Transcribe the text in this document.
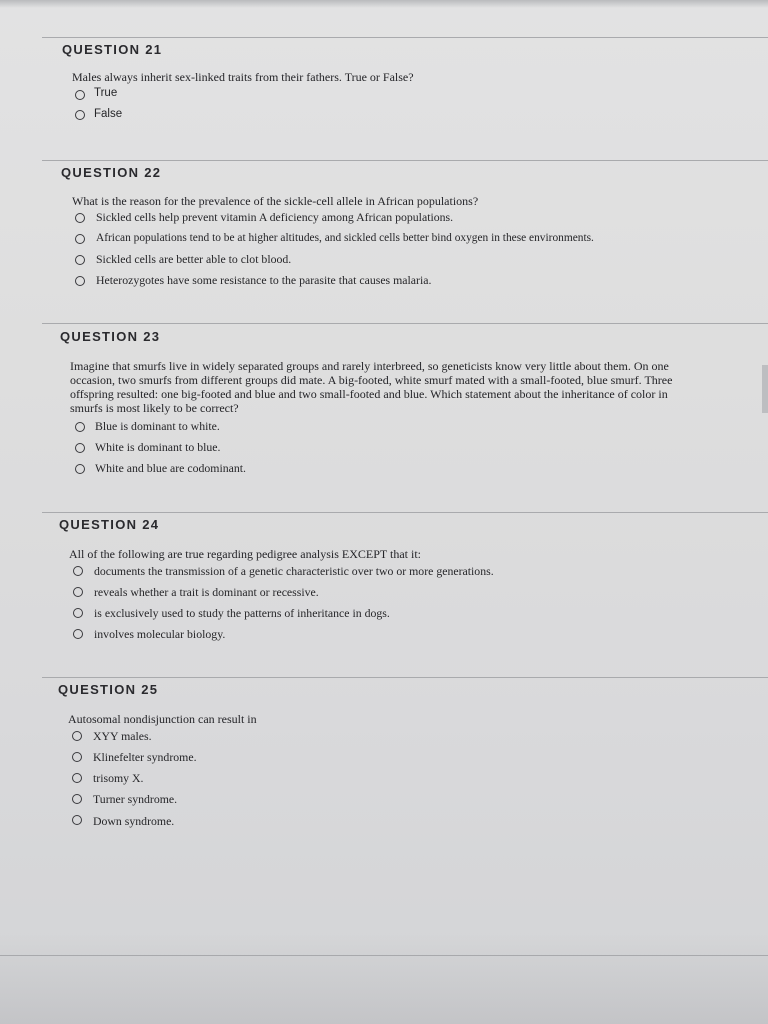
QUESTION 21
Males always inherit sex-linked traits from their fathers. True or False?
True
False
QUESTION 22
What is the reason for the prevalence of the sickle-cell allele in African populations?
Sickled cells help prevent vitamin A deficiency among African populations.
African populations tend to be at higher altitudes, and sickled cells better bind oxygen in these environments.
Sickled cells are better able to clot blood.
Heterozygotes have some resistance to the parasite that causes malaria.
QUESTION 23
Imagine that smurfs live in widely separated groups and rarely interbreed, so geneticists know very little about them. On one
occasion, two smurfs from different groups did mate. A big-footed, white smurf mated with a small-footed, blue smurf. Three
offspring resulted: one big-footed and blue and two small-footed and blue. Which statement about the inheritance of color in
smurfs is most likely to be correct?
Blue is dominant to white.
White is dominant to blue.
White and blue are codominant.
QUESTION 24
All of the following are true regarding pedigree analysis EXCEPT that it:
documents the transmission of a genetic characteristic over two or more generations.
reveals whether a trait is dominant or recessive.
is exclusively used to study the patterns of inheritance in dogs.
involves molecular biology.
QUESTION 25
Autosomal nondisjunction can result in
XYY males.
Klinefelter syndrome.
trisomy X.
Turner syndrome.
Down syndrome.
